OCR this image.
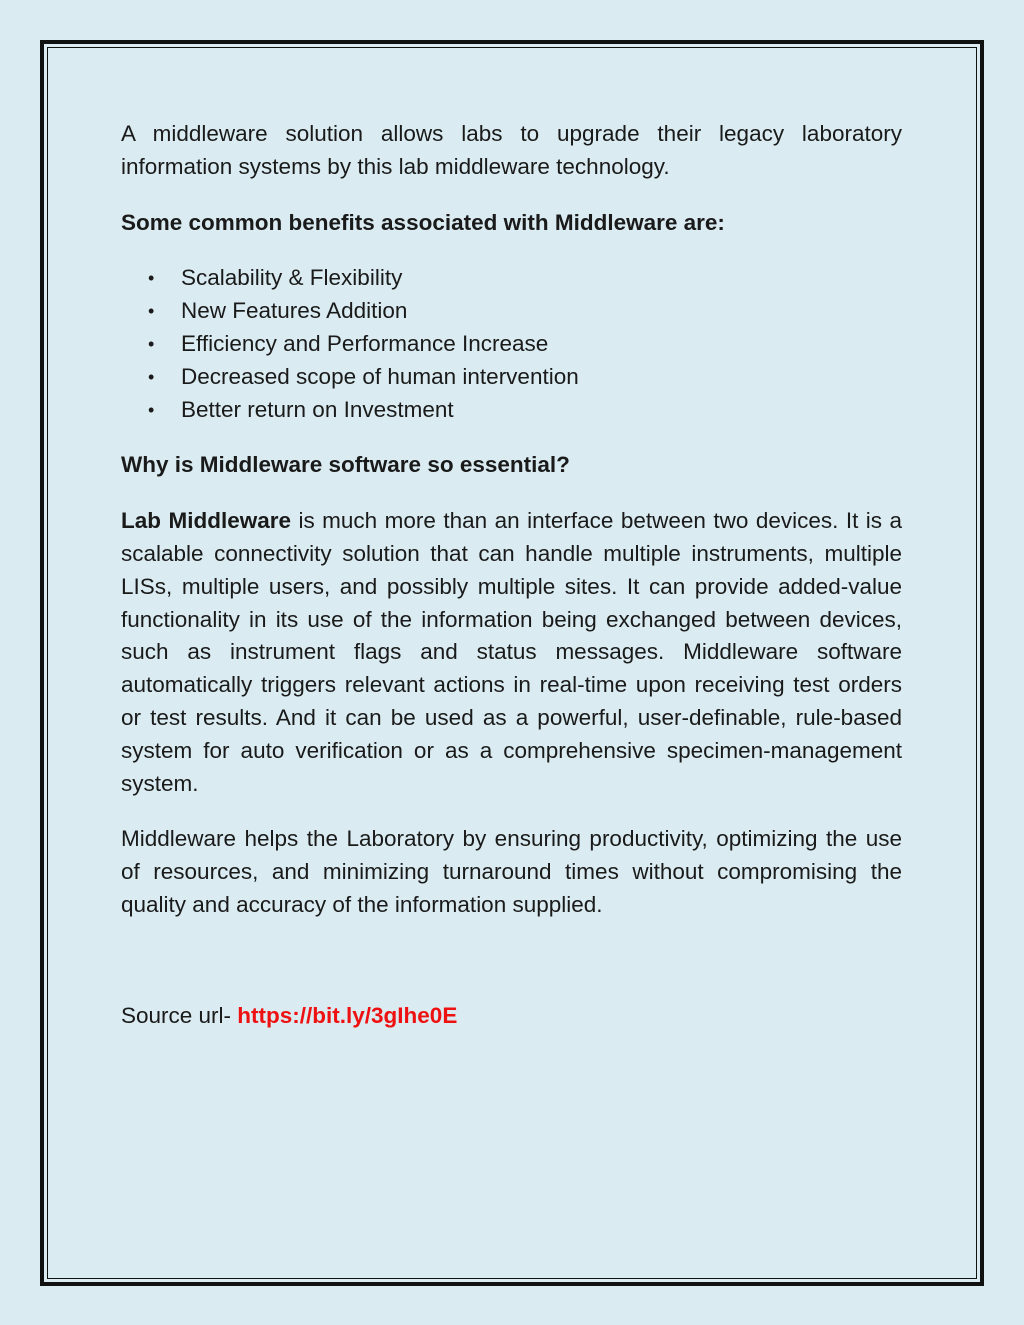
A middleware solution allows labs to upgrade their legacy laboratory information systems by this lab middleware technology.

Some common benefits associated with Middleware are:

• Scalability & Flexibility
• New Features Addition
• Efficiency and Performance Increase
• Decreased scope of human intervention
• Better return on Investment

Why is Middleware software so essential?

Lab Middleware is much more than an interface between two devices. It is a scalable connectivity solution that can handle multiple instruments, multiple LISs, multiple users, and possibly multiple sites. It can provide added-value functionality in its use of the information being exchanged between devices, such as instrument flags and status messages. Middleware software automatically triggers relevant actions in real-time upon receiving test orders or test results. And it can be used as a powerful, user-definable, rule-based system for auto verification or as a comprehensive specimen-management system.

Middleware helps the Laboratory by ensuring productivity, optimizing the use of resources, and minimizing turnaround times without compromising the quality and accuracy of the information supplied.

Source url- https://bit.ly/3gIhe0E
